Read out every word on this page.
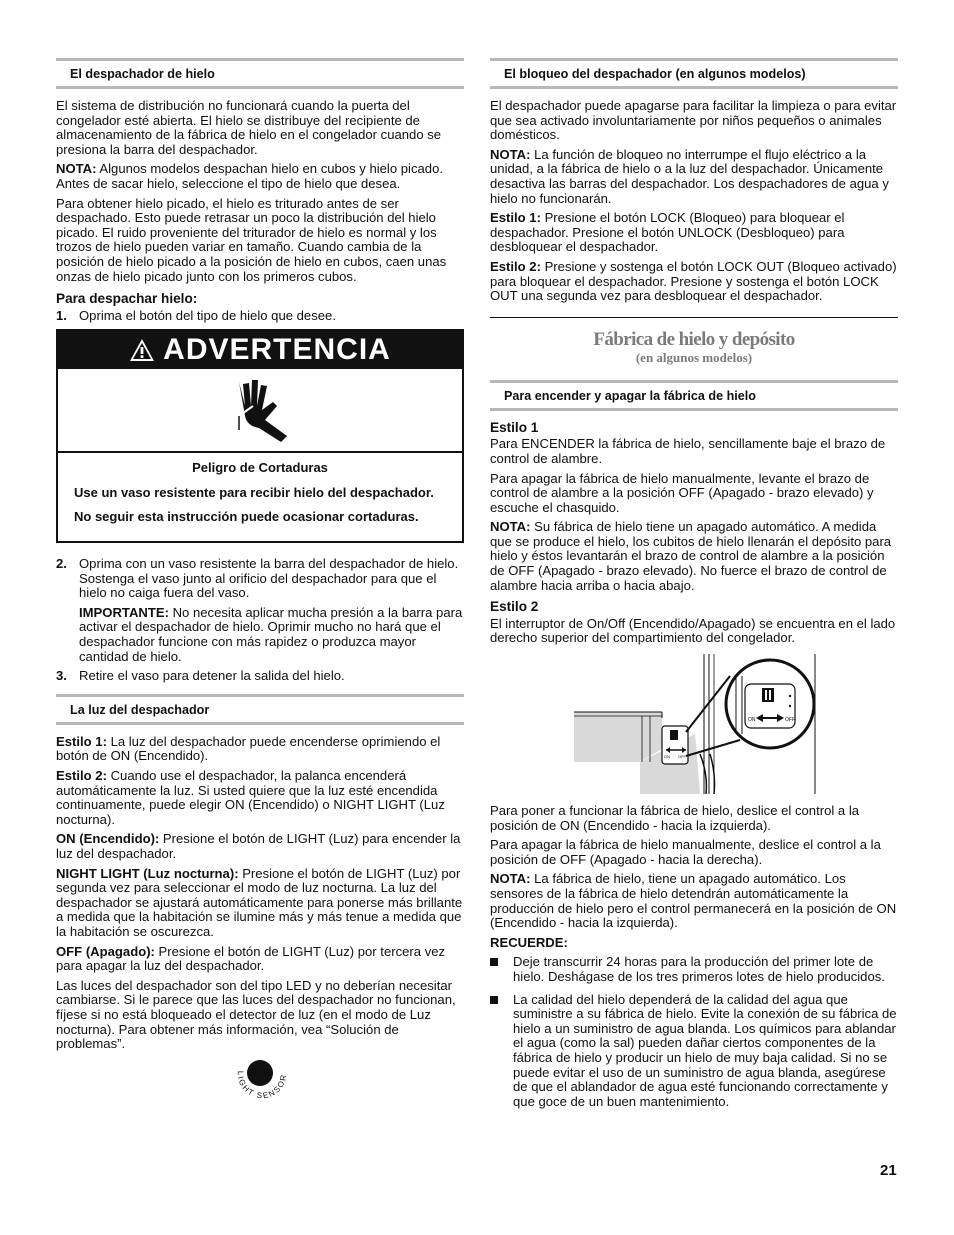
El despachador de hielo

El sistema de distribución no funcionará cuando la puerta del congelador esté abierta. El hielo se distribuye del recipiente de almacenamiento de la fábrica de hielo en el congelador cuando se presiona la barra del despachador.

NOTA: Algunos modelos despachan hielo en cubos y hielo picado. Antes de sacar hielo, seleccione el tipo de hielo que desea.

Para obtener hielo picado, el hielo es triturado antes de ser despachado. Esto puede retrasar un poco la distribución del hielo picado. El ruido proveniente del triturador de hielo es normal y los trozos de hielo pueden variar en tamaño. Cuando cambia de la posición de hielo picado a la posición de hielo en cubos, caen unas onzas de hielo picado junto con los primeros cubos.

Para despachar hielo:
1. Oprima el botón del tipo de hielo que desee.
ADVERTENCIA

Peligro de Cortaduras

Use un vaso resistente para recibir hielo del despachador.

No seguir esta instrucción puede ocasionar cortaduras.

2. Oprima con un vaso resistente la barra del despachador de hielo. Sostenga el vaso junto al orificio del despachador para que el hielo no caiga fuera del vaso.

IMPORTANTE: No necesita aplicar mucha presión a la barra para activar el despachador de hielo. Oprimir mucho no hará que el despachador funcione con más rapidez o produzca mayor cantidad de hielo.

3. Retire el vaso para detener la salida del hielo.
La luz del despachador

Estilo 1: La luz del despachador puede encenderse oprimiendo el botón de ON (Encendido).

Estilo 2: Cuando use el despachador, la palanca encenderá automáticamente la luz. Si usted quiere que la luz esté encendida continuamente, puede elegir ON (Encendido) o NIGHT LIGHT (Luz nocturna).

ON (Encendido): Presione el botón de LIGHT (Luz) para encender la luz del despachador.

NIGHT LIGHT (Luz nocturna): Presione el botón de LIGHT (Luz) por segunda vez para seleccionar el modo de luz nocturna. La luz del despachador se ajustará automáticamente para ponerse más brillante a medida que la habitación se ilumine más y más tenue a medida que la habitación se oscurezca.

OFF (Apagado): Presione el botón de LIGHT (Luz) por tercera vez para apagar la luz del despachador.

Las luces del despachador son del tipo LED y no deberían necesitar cambiarse. Si le parece que las luces del despachador no funcionan, fíjese si no está bloqueado el detector de luz (en el modo de Luz nocturna). Para obtener más información, vea “Solución de problemas”.

LIGHT SENSOR
El bloqueo del despachador (en algunos modelos)

El despachador puede apagarse para facilitar la limpieza o para evitar que sea activado involuntariamente por niños pequeños o animales domésticos.

NOTA: La función de bloqueo no interrumpe el flujo eléctrico a la unidad, a la fábrica de hielo o a la luz del despachador. Únicamente desactiva las barras del despachador. Los despachadores de agua y hielo no funcionarán.

Estilo 1: Presione el botón LOCK (Bloqueo) para bloquear el despachador. Presione el botón UNLOCK (Desbloqueo) para desbloquear el despachador.

Estilo 2: Presione y sostenga el botón LOCK OUT (Bloqueo activado) para bloquear el despachador. Presione y sostenga el botón LOCK OUT una segunda vez para desbloquear el despachador.

Fábrica de hielo y depósito
(en algunos modelos)
Para encender y apagar la fábrica de hielo
Estilo 1

Para ENCENDER la fábrica de hielo, sencillamente baje el brazo de control de alambre.

Para apagar la fábrica de hielo manualmente, levante el brazo de control de alambre a la posición OFF (Apagado - brazo elevado) y escuche el chasquido.

NOTA: Su fábrica de hielo tiene un apagado automático. A medida que se produce el hielo, los cubitos de hielo llenarán el depósito para hielo y éstos levantarán el brazo de control de alambre a la posición de OFF (Apagado - brazo elevado). No fuerce el brazo de control de alambre hacia arriba o hacia abajo.

Estilo 2

El interruptor de On/Off (Encendido/Apagado) se encuentra en el lado derecho superior del compartimiento del congelador.

ON OFF
ON	OFF

Para poner a funcionar la fábrica de hielo, deslice el control a la posición de ON (Encendido - hacia la izquierda).

Para apagar la fábrica de hielo manualmente, deslice el control a la posición de OFF (Apagado - hacia la derecha).

NOTA: La fábrica de hielo, tiene un apagado automático. Los sensores de la fábrica de hielo detendrán automáticamente la producción de hielo pero el control permanecerá en la posición de ON (Encendido - hacia la izquierda).

RECUERDE:

Deje transcurrir 24 horas para la producción del primer lote de hielo. Deshágase de los tres primeros lotes de hielo producidos.
La calidad del hielo dependerá de la calidad del agua que suministre a su fábrica de hielo. Evite la conexión de su fábrica de hielo a un suministro de agua blanda. Los químicos para ablandar el agua (como la sal) pueden dañar ciertos componentes de la fábrica de hielo y producir un hielo de muy baja calidad. Si no se puede evitar el uso de un suministro de agua blanda, asegúrese de que el ablandador de agua esté funcionando correctamente y que goce de un buen mantenimiento.
21
